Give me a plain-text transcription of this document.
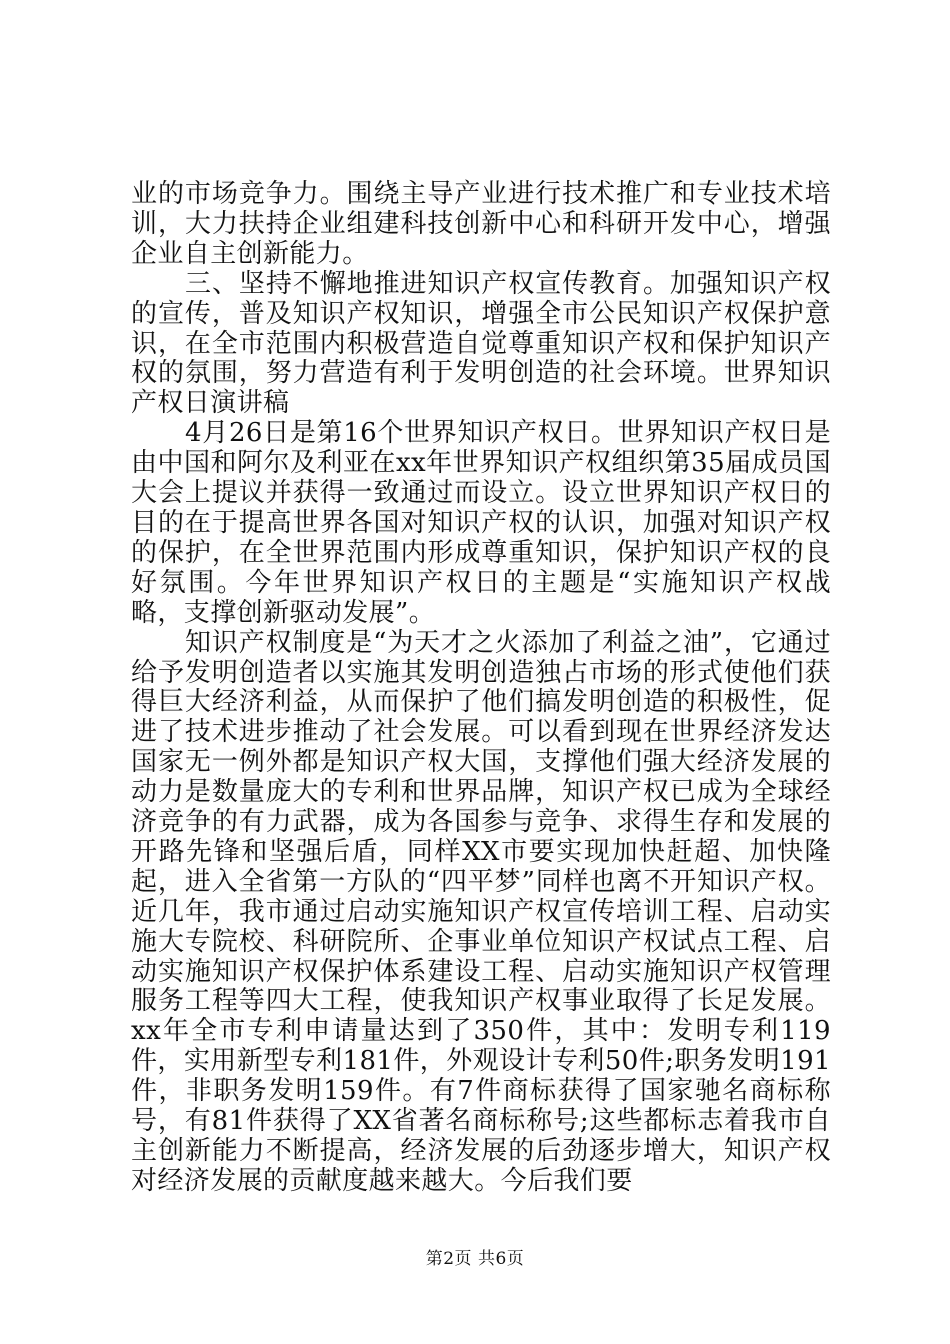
业的市场竞争力。围绕主导产业进行技术推广和专业技术培训，大力扶持企业组建科技创新中心和科研开发中心，增强企业自主创新能力。

三、坚持不懈地推进知识产权宣传教育。加强知识产权的宣传，普及知识产权知识，增强全市公民知识产权保护意识，在全市范围内积极营造自觉尊重知识产权和保护知识产权的氛围，努力营造有利于发明创造的社会环境。世界知识产权日演讲稿

4月26日是第16个世界知识产权日。世界知识产权日是由中国和阿尔及利亚在xx年世界知识产权组织第35届成员国大会上提议并获得一致通过而设立。设立世界知识产权日的目的在于提高世界各国对知识产权的认识，加强对知识产权的保护，在全世界范围内形成尊重知识，保护知识产权的良好氛围。今年世界知识产权日的主题是“实施知识产权战略，支撑创新驱动发展”。

知识产权制度是“为天才之火添加了利益之油”，它通过给予发明创造者以实施其发明创造独占市场的形式使他们获得巨大经济利益，从而保护了他们搞发明创造的积极性，促进了技术进步推动了社会发展。可以看到现在世界经济发达国家无一例外都是知识产权大国，支撑他们强大经济发展的动力是数量庞大的专利和世界品牌，知识产权已成为全球经济竞争的有力武器，成为各国参与竞争、求得生存和发展的开路先锋和坚强后盾，同样XX市要实现加快赶超、加快隆起，进入全省第一方队的“四平梦”同样也离不开知识产权。近几年，我市通过启动实施知识产权宣传培训工程、启动实施大专院校、科研院所、企事业单位知识产权试点工程、启动实施知识产权保护体系建设工程、启动实施知识产权管理服务工程等四大工程，使我知识产权事业取得了长足发展。xx年全市专利申请量达到了350件，其中：发明专利119件，实用新型专利181件，外观设计专利50件;职务发明191件，非职务发明159件。有7件商标获得了国家驰名商标称号，有81件获得了XX省著名商标称号;这些都标志着我市自主创新能力不断提高，经济发展的后劲逐步增大，知识产权对经济发展的贡献度越来越大。今后我们要

第2页 共6页
